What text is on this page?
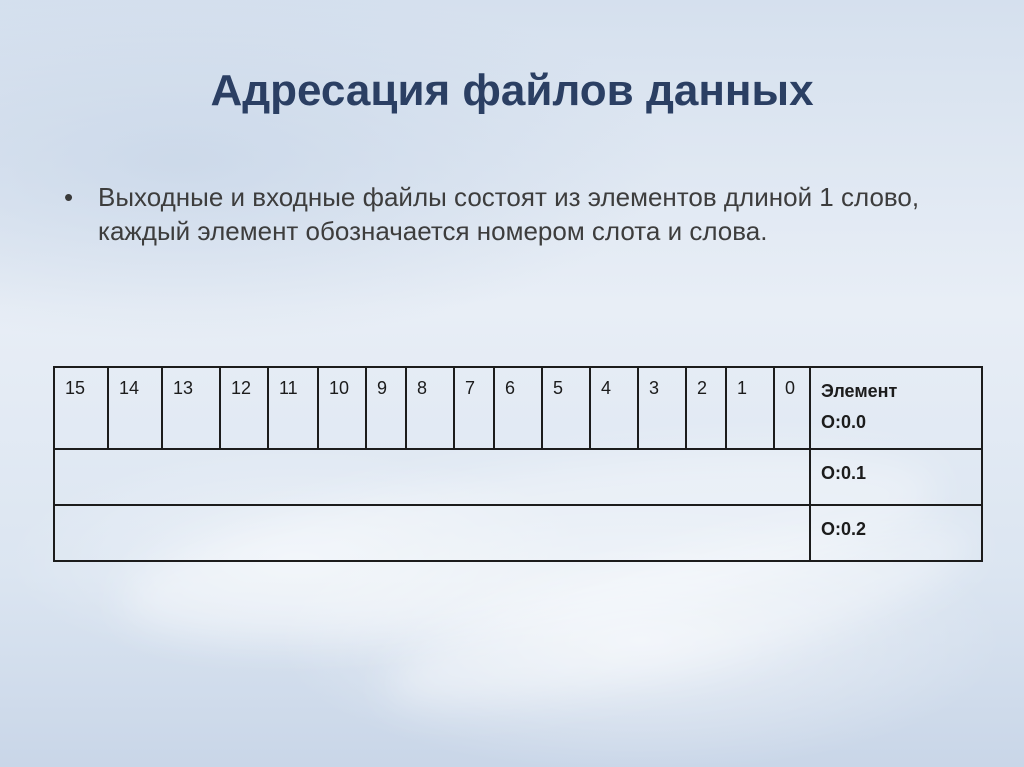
Адресация файлов данных
• Выходные и входные файлы состоят из элементов длиной 1 слово, каждый элемент обозначается номером слота и слова.
15	14	13	12	11	10	9	8	7	6	5	4	3	2	1	0	Элемент
O:0.0
																O:0.1
																O:0.2
